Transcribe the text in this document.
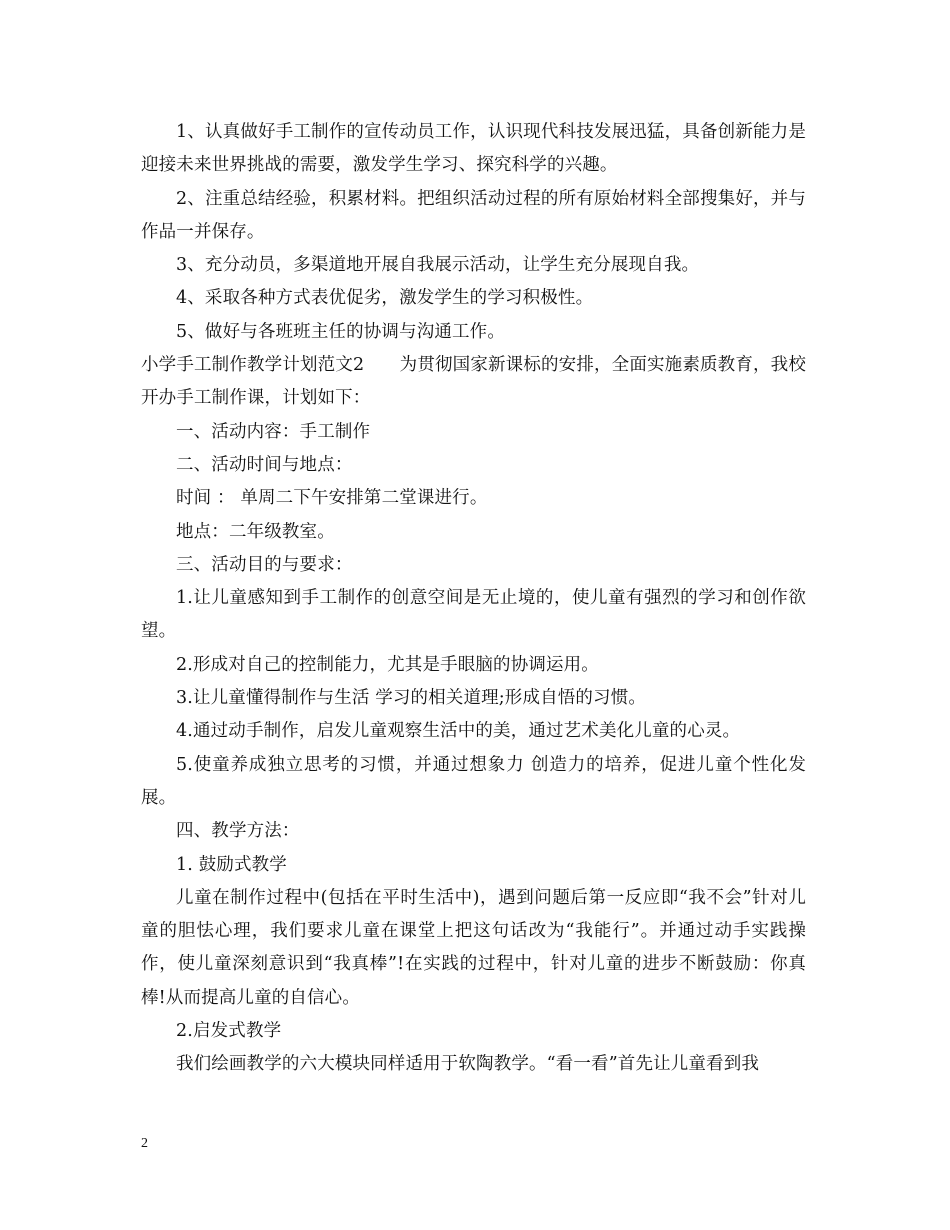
1、认真做好手工制作的宣传动员工作，认识现代科技发展迅猛，具备创新能力是迎接未来世界挑战的需要，激发学生学习、探究科学的兴趣。

2、注重总结经验，积累材料。把组织活动过程的所有原始材料全部搜集好，并与作品一并保存。

3、充分动员，多渠道地开展自我展示活动，让学生充分展现自我。

4、采取各种方式表优促劣，激发学生的学习积极性。

5、做好与各班班主任的协调与沟通工作。

小学手工制作教学计划范文2　　为贯彻国家新课标的安排，全面实施素质教育，我校开办手工制作课，计划如下：

一、活动内容：手工制作

二、活动时间与地点：

时间 ： 单周二下午安排第二堂课进行。

地点：二年级教室。

三、活动目的与要求：

1.让儿童感知到手工制作的创意空间是无止境的，使儿童有强烈的学习和创作欲望。

2.形成对自己的控制能力，尤其是手眼脑的协调运用。

3.让儿童懂得制作与生活 学习的相关道理;形成自悟的习惯。

4.通过动手制作，启发儿童观察生活中的美，通过艺术美化儿童的心灵。

5.使童养成独立思考的习惯，并通过想象力 创造力的培养，促进儿童个性化发展。

四、教学方法：

1. 鼓励式教学

儿童在制作过程中(包括在平时生活中)，遇到问题后第一反应即“我不会”针对儿童的胆怯心理，我们要求儿童在课堂上把这句话改为“我能行”。并通过动手实践操作，使儿童深刻意识到“我真棒”!在实践的过程中，针对儿童的进步不断鼓励：你真棒!从而提高儿童的自信心。

2.启发式教学

我们绘画教学的六大模块同样适用于软陶教学。“看一看”首先让儿童看到我

2
